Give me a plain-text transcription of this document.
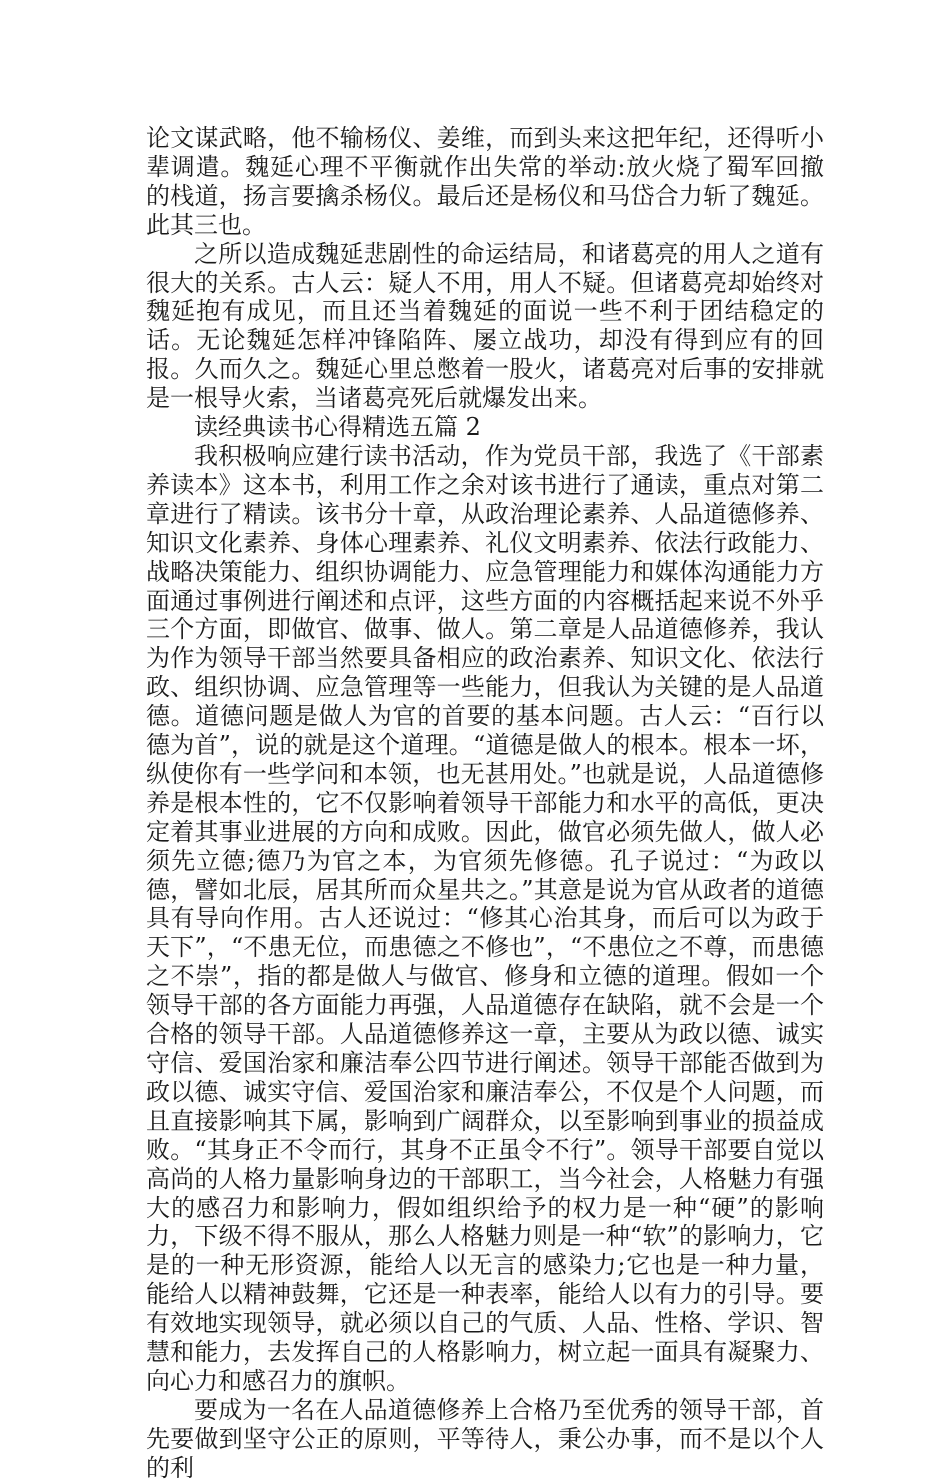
论文谋武略，他不输杨仪、姜维，而到头来这把年纪，还得听小辈调遣。魏延心理不平衡就作出失常的举动:放火烧了蜀军回撤的栈道，扬言要擒杀杨仪。最后还是杨仪和马岱合力斩了魏延。此其三也。

之所以造成魏延悲剧性的命运结局，和诸葛亮的用人之道有很大的关系。古人云：疑人不用，用人不疑。但诸葛亮却始终对魏延抱有成见，而且还当着魏延的面说一些不利于团结稳定的话。无论魏延怎样冲锋陷阵、屡立战功，却没有得到应有的回报。久而久之。魏延心里总憋着一股火，诸葛亮对后事的安排就是一根导火索，当诸葛亮死后就爆发出来。

读经典读书心得精选五篇 2

我积极响应建行读书活动，作为党员干部，我选了《干部素养读本》这本书，利用工作之余对该书进行了通读，重点对第二章进行了精读。该书分十章，从政治理论素养、人品道德修养、知识文化素养、身体心理素养、礼仪文明素养、依法行政能力、战略决策能力、组织协调能力、应急管理能力和媒体沟通能力方面通过事例进行阐述和点评，这些方面的内容概括起来说不外乎三个方面，即做官、做事、做人。第二章是人品道德修养，我认为作为领导干部当然要具备相应的政治素养、知识文化、依法行政、组织协调、应急管理等一些能力，但我认为关键的是人品道德。道德问题是做人为官的首要的基本问题。古人云：“百行以德为首”，说的就是这个道理。“道德是做人的根本。根本一坏，纵使你有一些学问和本领，也无甚用处。”也就是说，人品道德修养是根本性的，它不仅影响着领导干部能力和水平的高低，更决定着其事业进展的方向和成败。因此，做官必须先做人，做人必须先立德;德乃为官之本，为官须先修德。孔子说过：“为政以德，譬如北辰，居其所而众星共之。”其意是说为官从政者的道德具有导向作用。古人还说过：“修其心治其身，而后可以为政于天下”，“不患无位，而患德之不修也”，“不患位之不尊，而患德之不崇”，指的都是做人与做官、修身和立德的道理。假如一个领导干部的各方面能力再强，人品道德存在缺陷，就不会是一个合格的领导干部。人品道德修养这一章，主要从为政以德、诚实守信、爱国治家和廉洁奉公四节进行阐述。领导干部能否做到为政以德、诚实守信、爱国治家和廉洁奉公，不仅是个人问题，而且直接影响其下属，影响到广阔群众，以至影响到事业的损益成败。“其身正不令而行，其身不正虽令不行”。领导干部要自觉以高尚的人格力量影响身边的干部职工，当今社会，人格魅力有强大的感召力和影响力，假如组织给予的权力是一种“硬”的影响力，下级不得不服从，那么人格魅力则是一种“软”的影响力，它是的一种无形资源，能给人以无言的感染力;它也是一种力量，能给人以精神鼓舞，它还是一种表率，能给人以有力的引导。要有效地实现领导，就必须以自己的气质、人品、性格、学识、智慧和能力，去发挥自己的人格影响力，树立起一面具有凝聚力、向心力和感召力的旗帜。

要成为一名在人品道德修养上合格乃至优秀的领导干部，首先要做到坚守公正的原则，平等待人，秉公办事，而不是以个人的利
